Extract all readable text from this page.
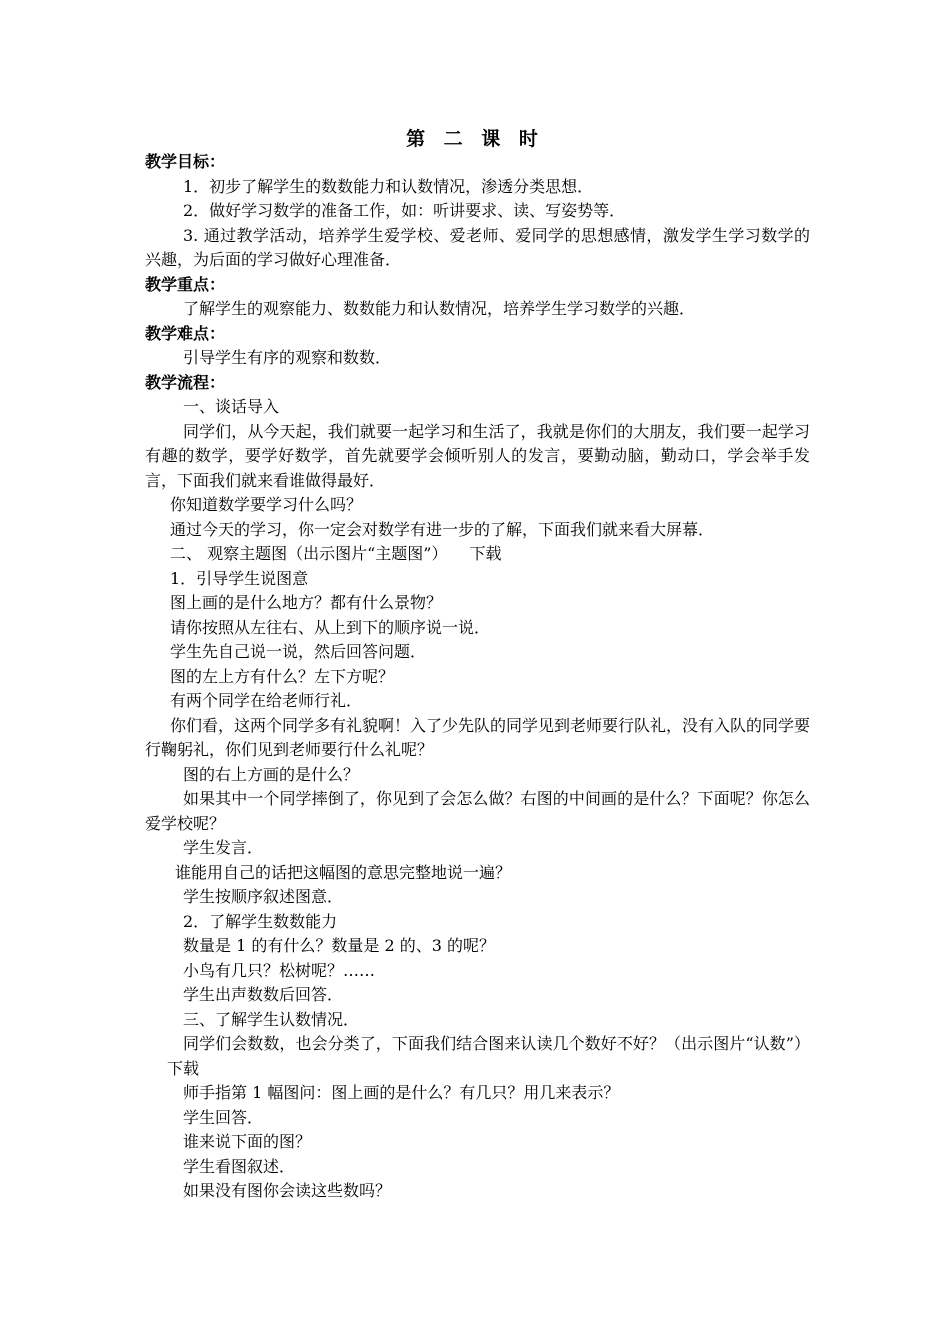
第 二 课 时
教学目标：
1．初步了解学生的数数能力和认数情况，渗透分类思想．
2．做好学习数学的准备工作，如：听讲要求、读、写姿势等．
3. 通过教学活动，培养学生爱学校、爱老师、爱同学的思想感情，激发学生学习数学的兴趣，为后面的学习做好心理准备．
教学重点：
了解学生的观察能力、数数能力和认数情况，培养学生学习数学的兴趣．
教学难点：
引导学生有序的观察和数数．
教学流程：
一、谈话导入
同学们，从今天起，我们就要一起学习和生活了，我就是你们的大朋友，我们要一起学习有趣的数学，要学好数学，首先就要学会倾听别人的发言，要勤动脑，勤动口，学会举手发言，下面我们就来看谁做得最好．
你知道数学要学习什么吗？
通过今天的学习，你一定会对数学有进一步的了解，下面我们就来看大屏幕．
二、 观察主题图（出示图片“主题图”） 下载
1．引导学生说图意
图上画的是什么地方？都有什么景物？
请你按照从左往右、从上到下的顺序说一说．
学生先自己说一说，然后回答问题．
图的左上方有什么？左下方呢？
有两个同学在给老师行礼．
你们看，这两个同学多有礼貌啊！入了少先队的同学见到老师要行队礼，没有入队的同学要行鞠躬礼，你们见到老师要行什么礼呢？
图的右上方画的是什么？
如果其中一个同学摔倒了，你见到了会怎么做？右图的中间画的是什么？下面呢？你怎么爱学校呢？
学生发言．
谁能用自己的话把这幅图的意思完整地说一遍？
学生按顺序叙述图意．
2．了解学生数数能力
数量是 1 的有什么？数量是 2 的、3 的呢？
小鸟有几只？松树呢？……
学生出声数数后回答．
三、了解学生认数情况．
同学们会数数，也会分类了，下面我们结合图来认读几个数好不好？（出示图片“认数”）下载
师手指第 1 幅图问：图上画的是什么？有几只？用几来表示？
学生回答．
谁来说下面的图？
学生看图叙述．
如果没有图你会读这些数吗？
